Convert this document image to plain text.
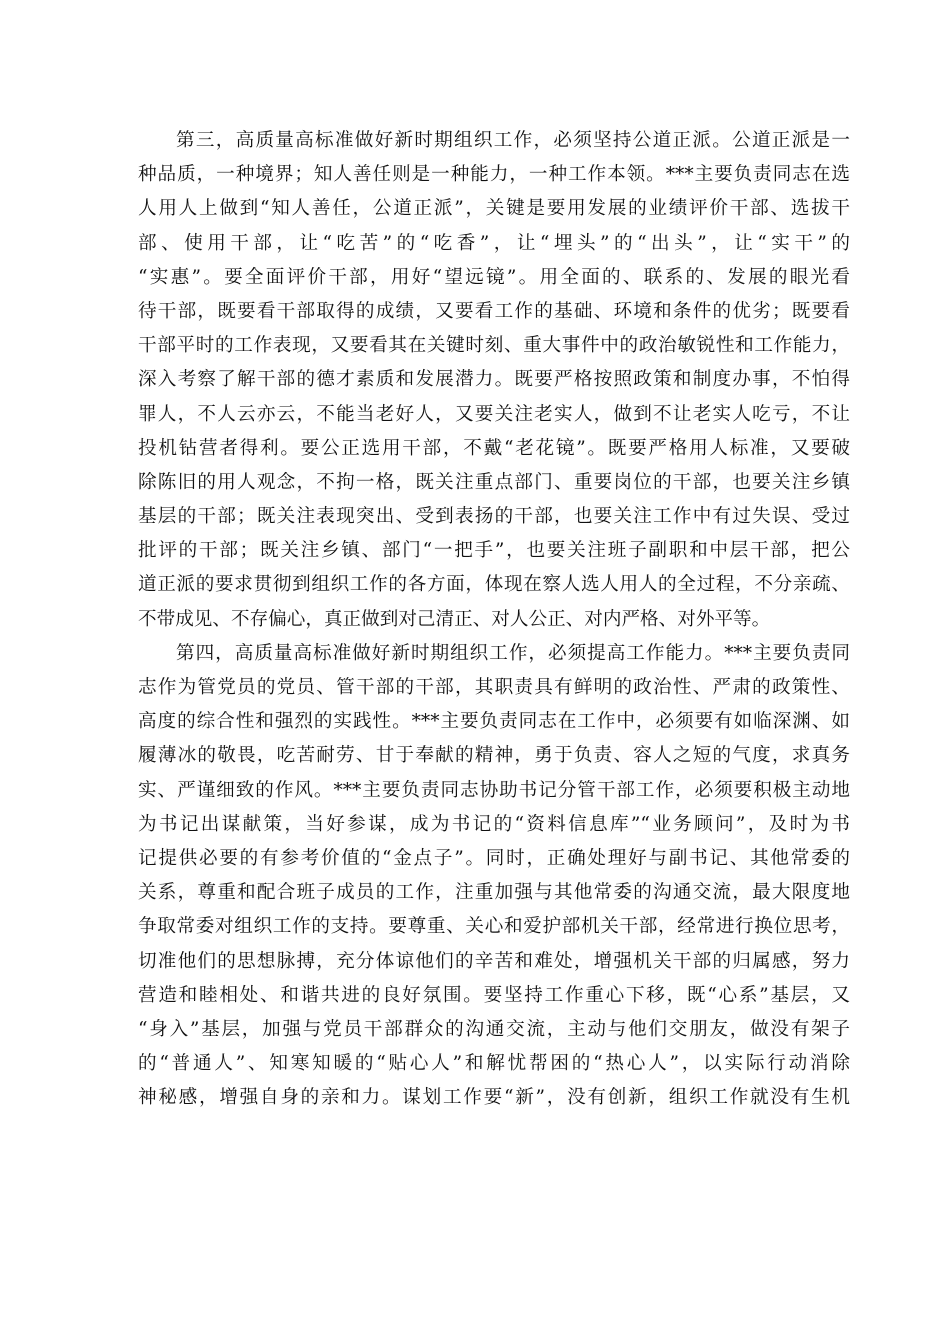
第三，高质量高标准做好新时期组织工作，必须坚持公道正派。公道正派是一
种品质，一种境界；知人善任则是一种能力，一种工作本领。***主要负责同志在选
人用人上做到“知人善任，公道正派”，关键是要用发展的业绩评价干部、选拔干
部、使用干部，让“吃苦”的“吃香”，让“埋头”的“出头”，让“实干”的
“实惠”。要全面评价干部，用好“望远镜”。用全面的、联系的、发展的眼光看
待干部，既要看干部取得的成绩，又要看工作的基础、环境和条件的优劣；既要看
干部平时的工作表现，又要看其在关键时刻、重大事件中的政治敏锐性和工作能力，
深入考察了解干部的德才素质和发展潜力。既要严格按照政策和制度办事，不怕得
罪人，不人云亦云，不能当老好人，又要关注老实人，做到不让老实人吃亏，不让
投机钻营者得利。要公正选用干部，不戴“老花镜”。既要严格用人标准，又要破
除陈旧的用人观念，不拘一格，既关注重点部门、重要岗位的干部，也要关注乡镇
基层的干部；既关注表现突出、受到表扬的干部，也要关注工作中有过失误、受过
批评的干部；既关注乡镇、部门“一把手”，也要关注班子副职和中层干部，把公
道正派的要求贯彻到组织工作的各方面，体现在察人选人用人的全过程，不分亲疏、
不带成见、不存偏心，真正做到对己清正、对人公正、对内严格、对外平等。
第四，高质量高标准做好新时期组织工作，必须提高工作能力。***主要负责同
志作为管党员的党员、管干部的干部，其职责具有鲜明的政治性、严肃的政策性、
高度的综合性和强烈的实践性。***主要负责同志在工作中，必须要有如临深渊、如
履薄冰的敬畏，吃苦耐劳、甘于奉献的精神，勇于负责、容人之短的气度，求真务
实、严谨细致的作风。***主要负责同志协助书记分管干部工作，必须要积极主动地
为书记出谋献策，当好参谋，成为书记的“资料信息库”“业务顾问”，及时为书
记提供必要的有参考价值的“金点子”。同时，正确处理好与副书记、其他常委的
关系，尊重和配合班子成员的工作，注重加强与其他常委的沟通交流，最大限度地
争取常委对组织工作的支持。要尊重、关心和爱护部机关干部，经常进行换位思考，
切准他们的思想脉搏，充分体谅他们的辛苦和难处，增强机关干部的归属感，努力
营造和睦相处、和谐共进的良好氛围。要坚持工作重心下移，既“心系”基层，又
“身入”基层，加强与党员干部群众的沟通交流，主动与他们交朋友，做没有架子
的“普通人”、知寒知暖的“贴心人”和解忧帮困的“热心人”，以实际行动消除
神秘感，增强自身的亲和力。谋划工作要“新”，没有创新，组织工作就没有生机
